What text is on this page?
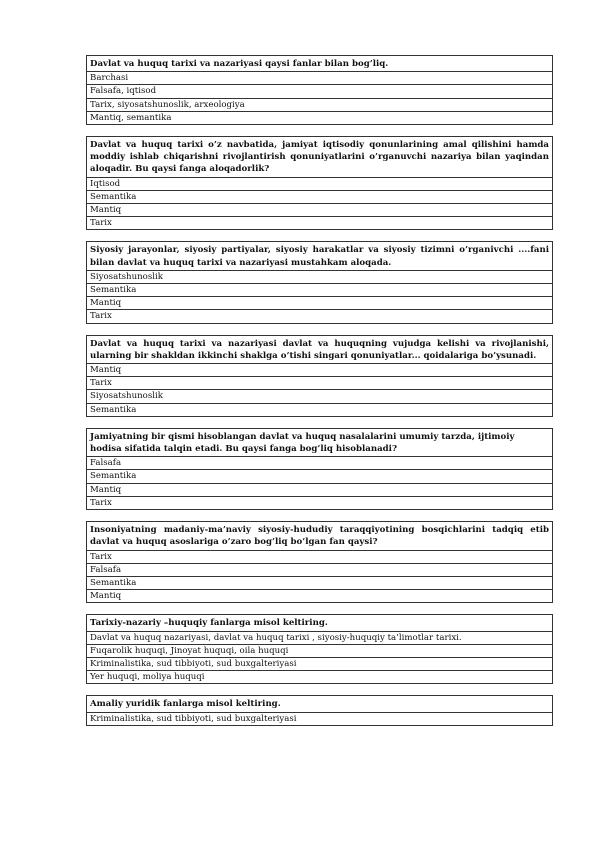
Davlat va huquq tarixi va nazariyasi qaysi fanlar bilan bog’liq.
Barchasi
Falsafa, iqtisod
Tarix, siyosatshunoslik, arxeologiya
Mantiq, semantika
Davlat va huquq tarixi o’z navbatida, jamiyat iqtisodiy qonunlarining amal qilishini hamda moddiy ishlab chiqarishni rivojlantirish qonuniyatlarini o’rganuvchi nazariya bilan yaqindan aloqadir. Bu qaysi fanga aloqadorlik?
Iqtisod
Semantika
Mantiq
Tarix
Siyosiy jarayonlar, siyosiy partiyalar, siyosiy harakatlar va siyosiy tizimni o’rganivchi ....fani bilan davlat va huquq tarixi va nazariyasi mustahkam aloqada.
Siyosatshunoslik
Semantika
Mantiq
Tarix
Davlat va huquq tarixi va nazariyasi davlat va huquqning vujudga kelishi va rivojlanishi, ularning bir shakldan ikkinchi shaklga o’tishi singari qonuniyatlar... qoidalariga bo’ysunadi.
Mantiq
Tarix
Siyosatshunoslik
Semantika
Jamiyatning bir qismi hisoblangan davlat va huquq nasalalarini umumiy tarzda, ijtimoiy hodisa sifatida talqin etadi. Bu qaysi fanga bog’liq hisoblanadi?
Falsafa
Semantika
Mantiq
Tarix
Insoniyatning madaniy-ma’naviy siyosiy-hududiy taraqqiyotining bosqichlarini tadqiq etib davlat va huquq asoslariga o’zaro bog’liq bo’lgan fan qaysi?
Tarix
Falsafa
Semantika
Mantiq
Tarixiy-nazariy –huquqiy fanlarga misol keltiring.
Davlat va huquq nazariyasi, davlat va huquq tarixi , siyosiy-huquqiy ta’limotlar tarixi.
Fuqarolik huquqi, Jinoyat huquqi, oila huquqi
Kriminalistika, sud tibbiyoti, sud buxgalteriyasi
Yer huquqi, moliya huquqi
Amaliy yuridik fanlarga misol keltiring.
Kriminalistika, sud tibbiyoti, sud buxgalteriyasi
